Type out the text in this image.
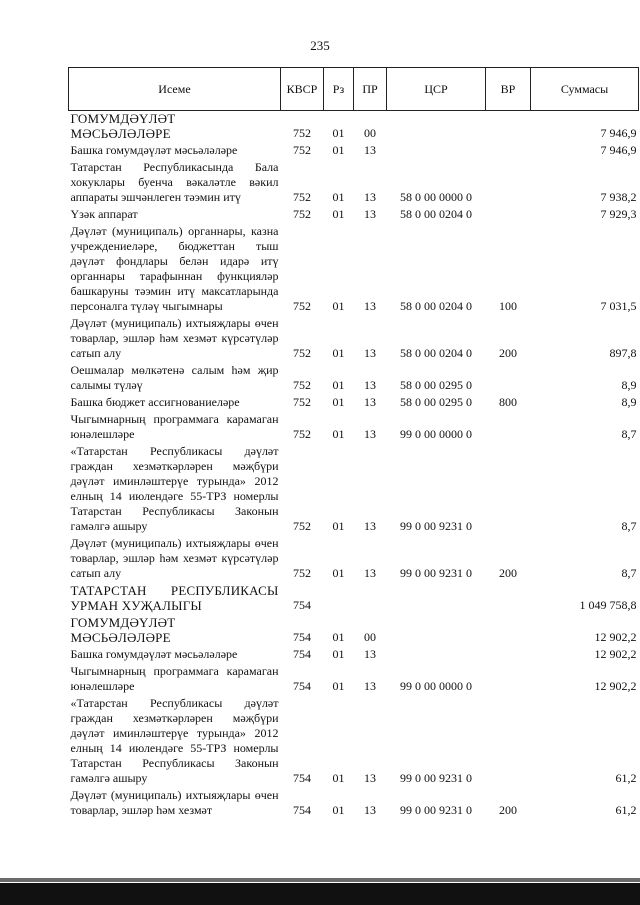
235
Исеме	КВСР	Рз	ПР	ЦСР	ВР	Суммасы
ГОМУМДӘҮЛӘТ МӘСЬӘЛӘЛӘРЕ	752	01	00			7 946,9
Башка гомумдәүләт мәсьәләләре	752	01	13			7 946,9
Татарстан Республикасында Бала хокуклары буенча вәкаләтле вәкил аппараты эшчәнлеген тәэмин итү	752	01	13	58 0 00 0000 0		7 938,2
Үзәк аппарат	752	01	13	58 0 00 0204 0		7 929,3
Дәүләт (муниципаль) органнары, казна учреждениеләре, бюджеттан тыш дәүләт фондлары белән идарә итү органнары тарафыннан функцияләр башкаруны тәэмин итү максатларында персоналга түләү чыгымнары	752	01	13	58 0 00 0204 0	100	7 031,5
Дәүләт (муниципаль) ихтыяҗлары өчен товарлар, эшләр һәм хезмәт күрсәтүләр сатып алу	752	01	13	58 0 00 0204 0	200	897,8
Оешмалар мөлкәтенә салым һәм җир салымы түләү	752	01	13	58 0 00 0295 0		8,9
Башка бюджет ассигнованиеләре	752	01	13	58 0 00 0295 0	800	8,9
Чыгымнарның программага карамаган юнәлешләре	752	01	13	99 0 00 0000 0		8,7
«Татарстан Республикасы дәүләт граждан хезмәткәрләрен мәҗбүри дәүләт иминләштерүе турында» 2012 елның 14 июлендәге 55-ТРЗ номерлы Татарстан Республикасы Законын гамәлгә ашыру	752	01	13	99 0 00 9231 0		8,7
Дәүләт (муниципаль) ихтыяҗлары өчен товарлар, эшләр һәм хезмәт күрсәтүләр сатып алу	752	01	13	99 0 00 9231 0	200	8,7
ТАТАРСТАН РЕСПУБЛИКАСЫ УРМАН ХУҖАЛЫГЫ	754					1 049 758,8
ГОМУМДӘҮЛӘТ МӘСЬӘЛӘЛӘРЕ	754	01	00			12 902,2
Башка гомумдәүләт мәсьәләләре	754	01	13			12 902,2
Чыгымнарның программага карамаган юнәлешләре	754	01	13	99 0 00 0000 0		12 902,2
«Татарстан Республикасы дәүләт граждан хезмәткәрләрен мәҗбүри дәүләт иминләштерүе турында» 2012 елның 14 июлендәге 55-ТРЗ номерлы Татарстан Республикасы Законын гамәлгә ашыру	754	01	13	99 0 00 9231 0		61,2
Дәүләт (муниципаль) ихтыяҗлары өчен товарлар, эшләр һәм хезмәт	754	01	13	99 0 00 9231 0	200	61,2
